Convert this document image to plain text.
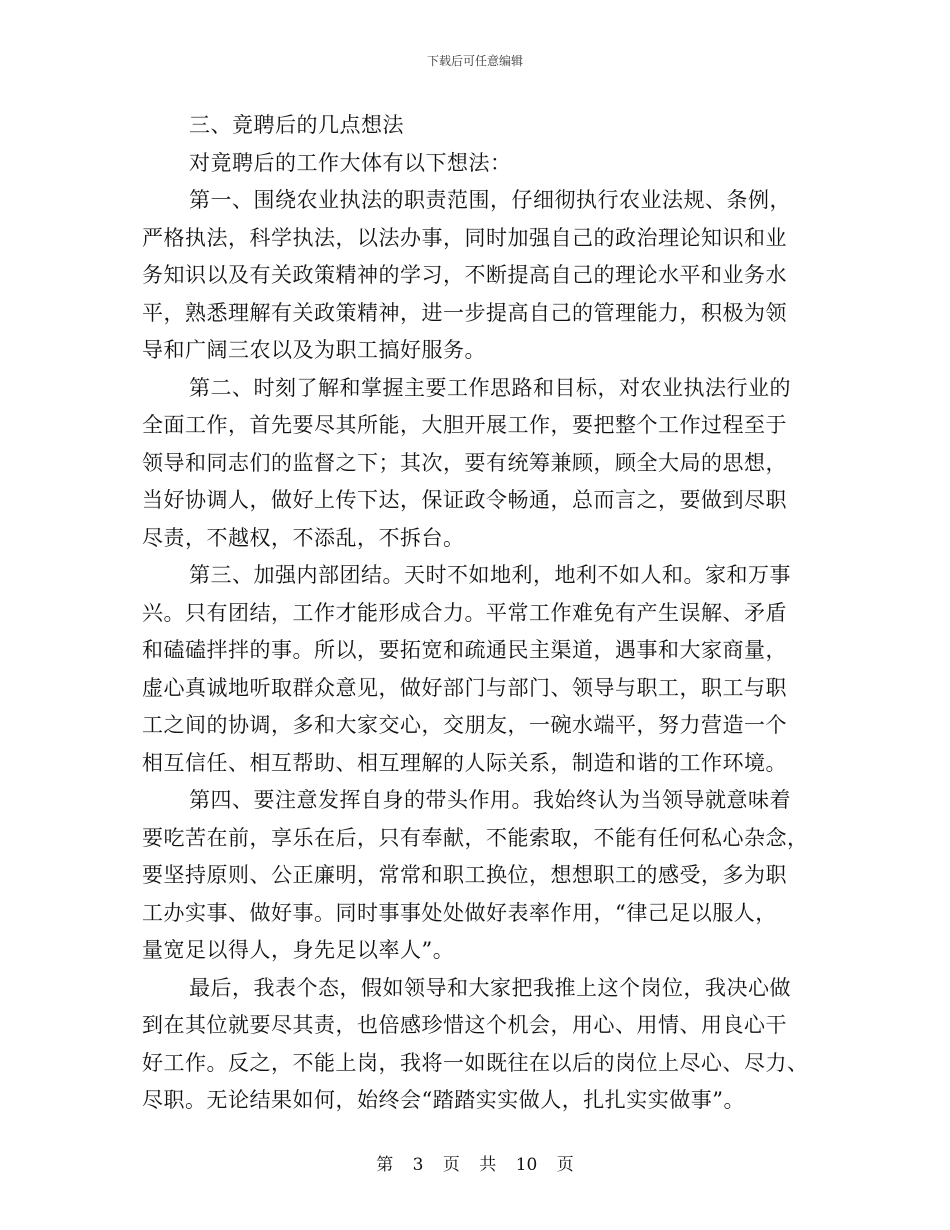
下载后可任意编辑
三、竟聘后的几点想法
对竟聘后的工作大体有以下想法：
第一、围绕农业执法的职责范围，仔细彻执行农业法规、条例，
严格执法，科学执法，以法办事，同时加强自己的政治理论知识和业
务知识以及有关政策精神的学习，不断提高自己的理论水平和业务水
平，熟悉理解有关政策精神，进一步提高自己的管理能力，积极为领
导和广阔三农以及为职工搞好服务。
第二、时刻了解和掌握主要工作思路和目标，对农业执法行业的
全面工作，首先要尽其所能，大胆开展工作，要把整个工作过程至于
领导和同志们的监督之下；其次，要有统筹兼顾，顾全大局的思想，
当好协调人，做好上传下达，保证政令畅通，总而言之，要做到尽职
尽责，不越权，不添乱，不拆台。
第三、加强内部团结。天时不如地利，地利不如人和。家和万事
兴。只有团结，工作才能形成合力。平常工作难免有产生误解、矛盾
和磕磕拌拌的事。所以，要拓宽和疏通民主渠道，遇事和大家商量，
虚心真诚地听取群众意见，做好部门与部门、领导与职工，职工与职
工之间的协调，多和大家交心，交朋友，一碗水端平，努力营造一个
相互信任、相互帮助、相互理解的人际关系，制造和谐的工作环境。
第四、要注意发挥自身的带头作用。我始终认为当领导就意味着
要吃苦在前，享乐在后，只有奉献，不能索取，不能有任何私心杂念，
要坚持原则、公正廉明，常常和职工换位，想想职工的感受，多为职
工办实事、做好事。同时事事处处做好表率作用，“律己足以服人，
量宽足以得人，身先足以率人”。
最后，我表个态，假如领导和大家把我推上这个岗位，我决心做
到在其位就要尽其责，也倍感珍惜这个机会，用心、用情、用良心干
好工作。反之，不能上岗，我将一如既往在以后的岗位上尽心、尽力、
尽职。无论结果如何，始终会“踏踏实实做人，扎扎实实做事”。
第 3 页 共 10 页
